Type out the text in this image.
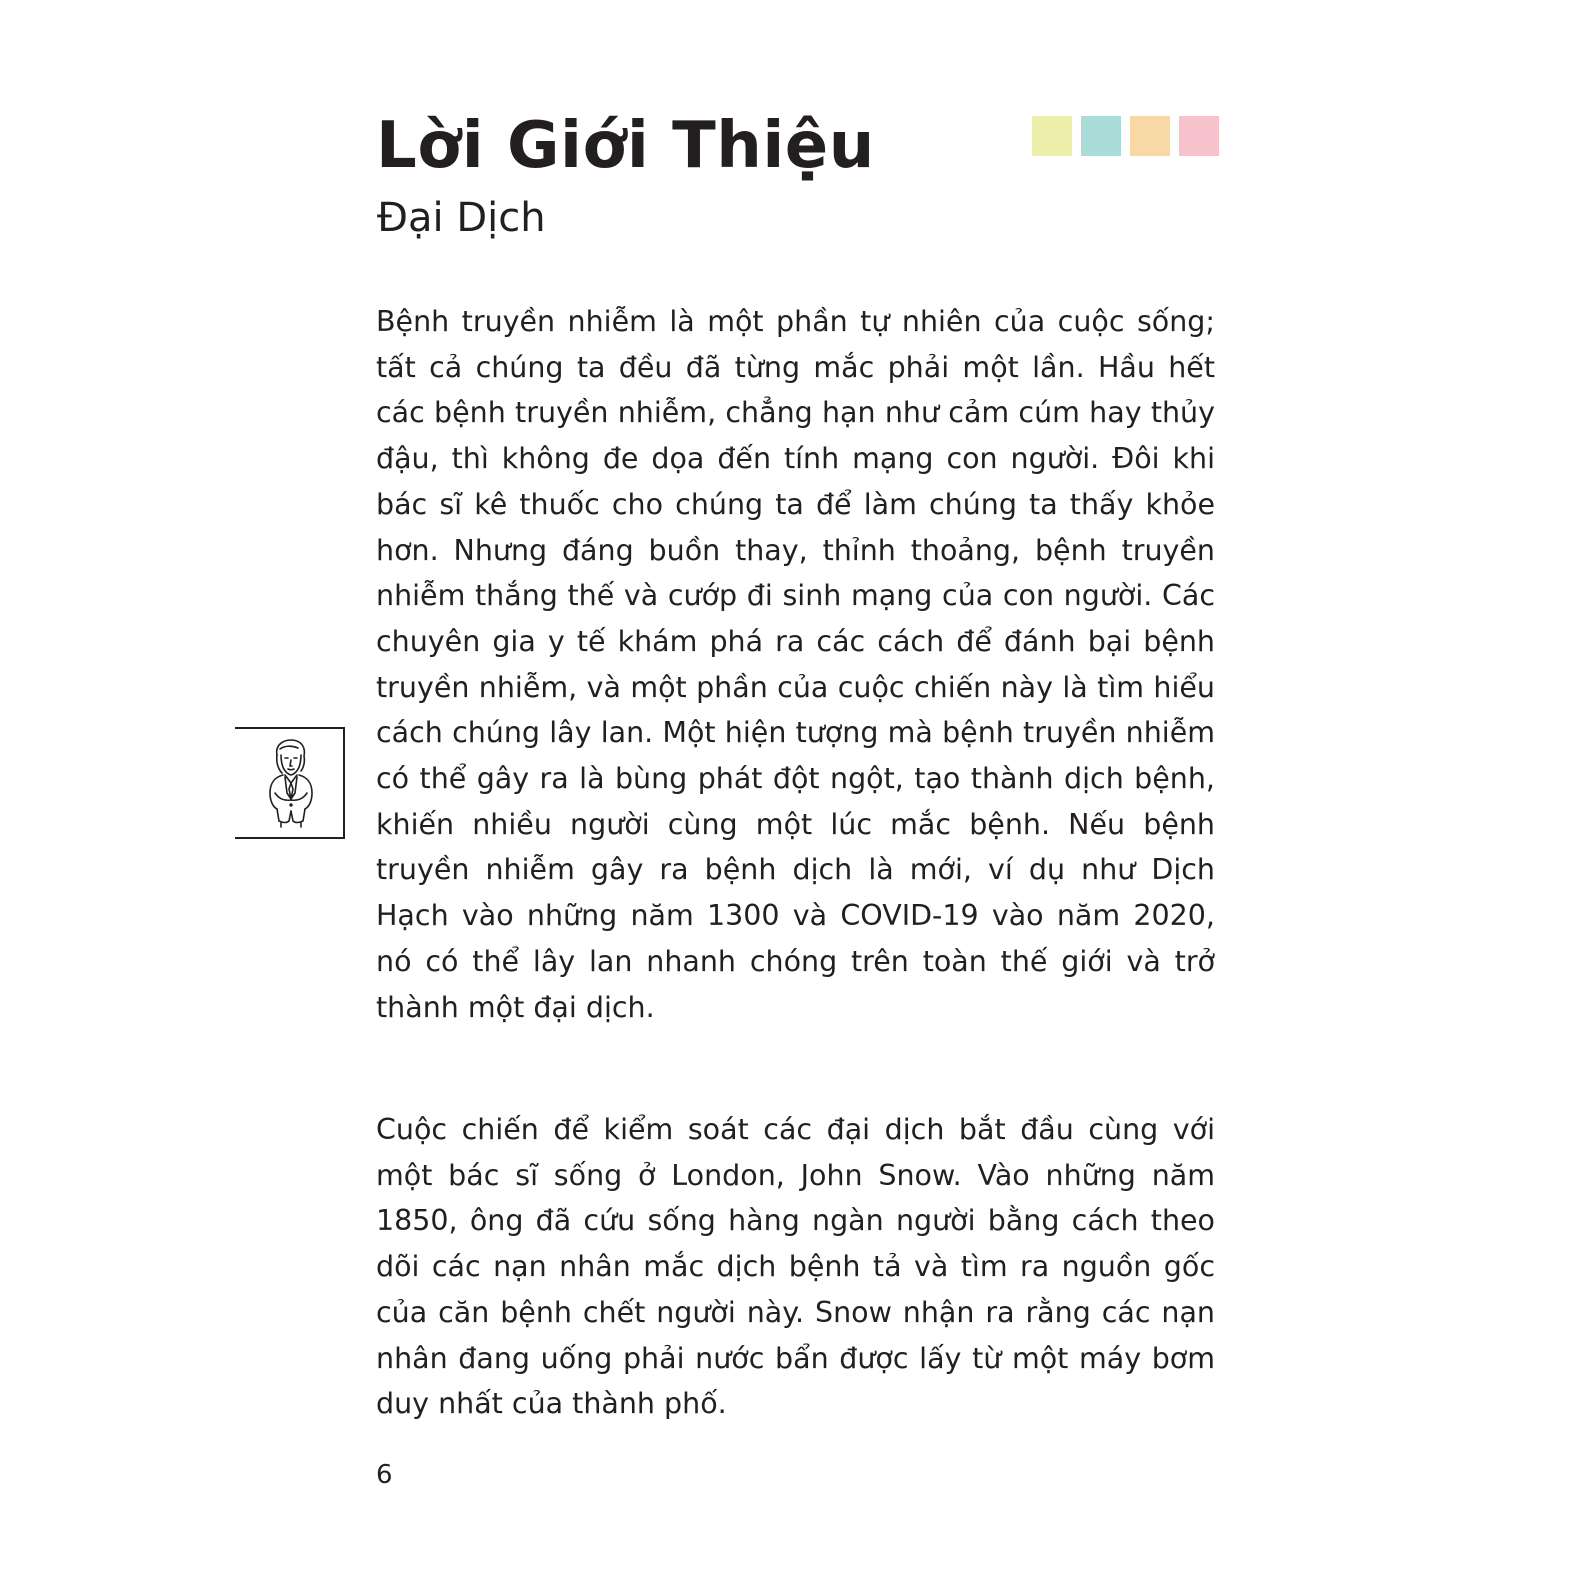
Lời Giới Thiệu
Đại Dịch

Bệnh truyền nhiễm là một phần tự nhiên của cuộc sống; tất cả chúng ta đều đã từng mắc phải một lần. Hầu hết các bệnh truyền nhiễm, chẳng hạn như cảm cúm hay thủy đậu, thì không đe dọa đến tính mạng con người. Đôi khi bác sĩ kê thuốc cho chúng ta để làm chúng ta thấy khỏe hơn. Nhưng đáng buồn thay, thỉnh thoảng, bệnh truyền nhiễm thắng thế và cướp đi sinh mạng của con người. Các chuyên gia y tế khám phá ra các cách để đánh bại bệnh truyền nhiễm, và một phần của cuộc chiến này là tìm hiểu cách chúng lây lan. Một hiện tượng mà bệnh truyền nhiễm có thể gây ra là bùng phát đột ngột, tạo thành dịch bệnh, khiến nhiều người cùng một lúc mắc bệnh. Nếu bệnh truyền nhiễm gây ra bệnh dịch là mới, ví dụ như Dịch Hạch vào những năm 1300 và COVID-19 vào năm 2020, nó có thể lây lan nhanh chóng trên toàn thế giới và trở thành một đại dịch.

Cuộc chiến để kiểm soát các đại dịch bắt đầu cùng với một bác sĩ sống ở London, John Snow. Vào những năm 1850, ông đã cứu sống hàng ngàn người bằng cách theo dõi các nạn nhân mắc dịch bệnh tả và tìm ra nguồn gốc của căn bệnh chết người này. Snow nhận ra rằng các nạn nhân đang uống phải nước bẩn được lấy từ một máy bơm duy nhất của thành phố.

6
